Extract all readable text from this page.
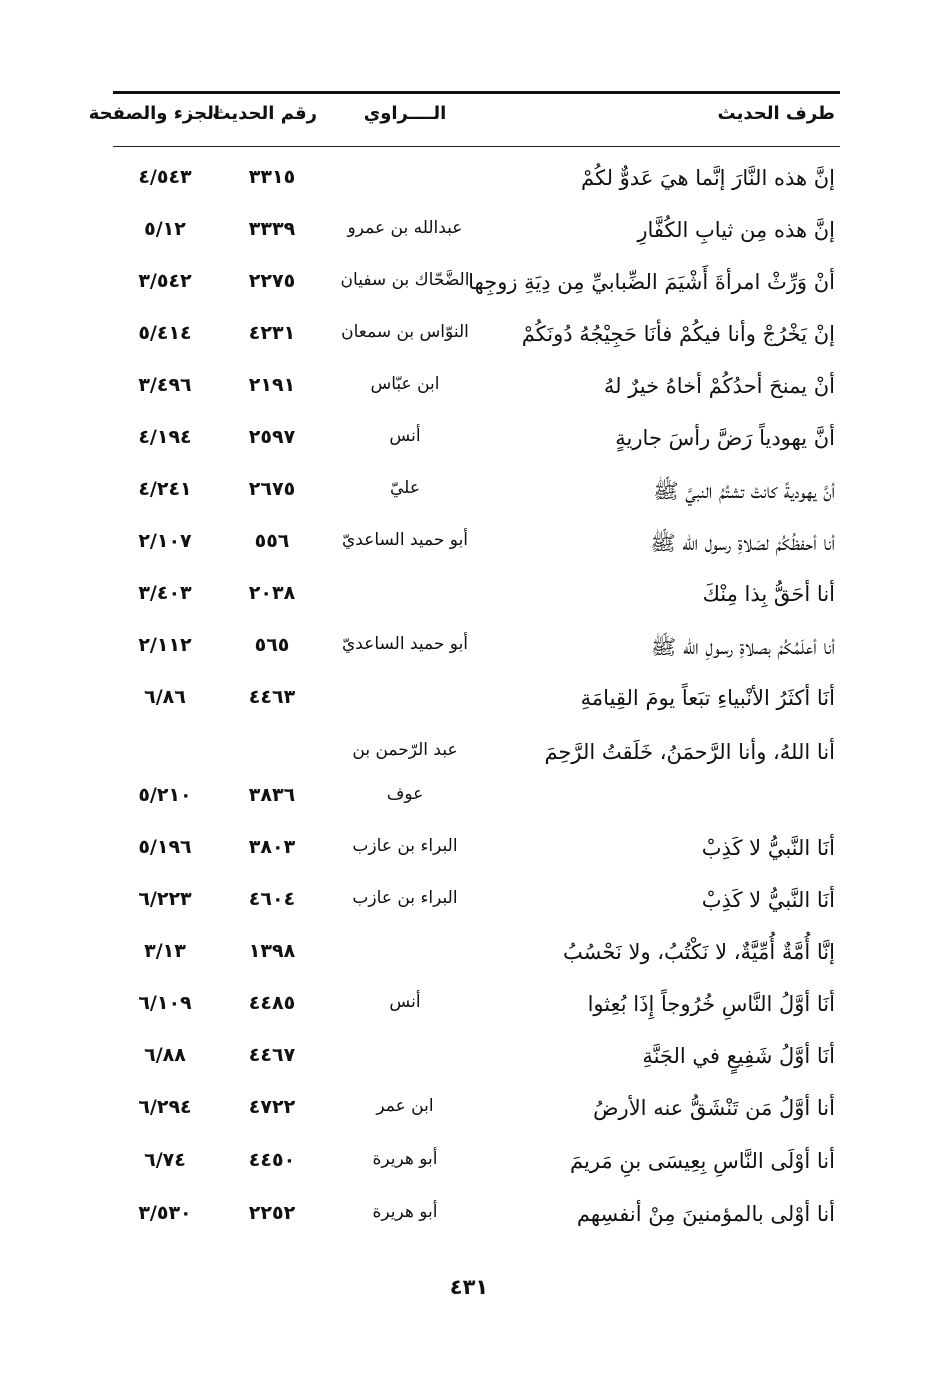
طرف الحديث
الــــراوي
رقم الحديث
الجزء والصفحة
إنَّ هذه النَّارَ إنَّما هيَ عَدوٌّ لكُمْ
٣٣١٥
٤/٥٤٣
إنَّ هذه مِن ثيابِ الكُفَّارِ
عبدالله بن عمرو
٣٣٣٩
٥/١٢
أنْ وَرِّثْ امرأةَ أَشْيَمَ الضِّبابيِّ مِن دِيَةِ زوجِها
الضَّحّاك بن سفيان
٢٢٧٥
٣/٥٤٢
إنْ يَخْرُجْ وأنا فيكُمْ فأنَا حَجِيْجُهُ دُونَكُمْ
النوّاس بن سمعان
٤٢٣١
٥/٤١٤
أنْ يمنحَ أحدُكُمْ أخاهُ خيرٌ لهُ
ابن عبّاس
٢١٩١
٣/٤٩٦
أنَّ يهودياً رَضَّ رأسَ جاريةٍ
أنس
٢٥٩٧
٤/١٩٤
أنَّ يهوديةً كانتْ تشتُمُ النبيَّ ﷺ
عليّ
٢٦٧٥
٤/٢٤١
أنا أحفظُكُمْ لصَلاةِ رسول الله ﷺ
أبو حميد الساعديّ
٥٥٦
٢/١٠٧
أنا أحَقُّ بِذا مِنْكَ
٢٠٣٨
٣/٤٠٣
أنا أعلَمُكُمْ بصلاةِ رسولِ الله ﷺ
أبو حميد الساعديّ
٥٦٥
٢/١١٢
أنَا أكثَرُ الأنْبياءِ تبَعاً يومَ القِيامَةِ
٤٤٦٣
٦/٨٦
أنا اللهُ، وأنا الرَّحمَنُ، خَلَقتُ الرَّحِمَ
عبد الرّحمن بن
عوف
٣٨٣٦
٥/٢١٠
أنَا النَّبيُّ لا كَذِبْ
البراء بن عازب
٣٨٠٣
٥/١٩٦
أنَا النَّبيُّ لا كَذِبْ
البراء بن عازب
٤٦٠٤
٦/٢٢٣
إنَّا أُمَّةٌ أُمِّيَّةٌ، لا نَكْتُبُ، ولا نَحْسُبُ
١٣٩٨
٣/١٣
أنَا أوَّلُ النَّاسِ خُرُوجاً إِذَا بُعِثوا
أنس
٤٤٨٥
٦/١٠٩
أنَا أوَّلُ شَفِيعٍ في الجَنَّةِ
٤٤٦٧
٦/٨٨
أنا أوَّلُ مَن تَنْشَقُّ عنه الأرضُ
ابن عمر
٤٧٢٢
٦/٢٩٤
أنا أوْلَى النَّاسِ بِعِيسَى بنِ مَريمَ
أبو هريرة
٤٤٥٠
٦/٧٤
أنا أوْلى بالمؤمنينَ مِنْ أنفسِهم
أبو هريرة
٢٢٥٢
٣/٥٣٠
٤٣١
